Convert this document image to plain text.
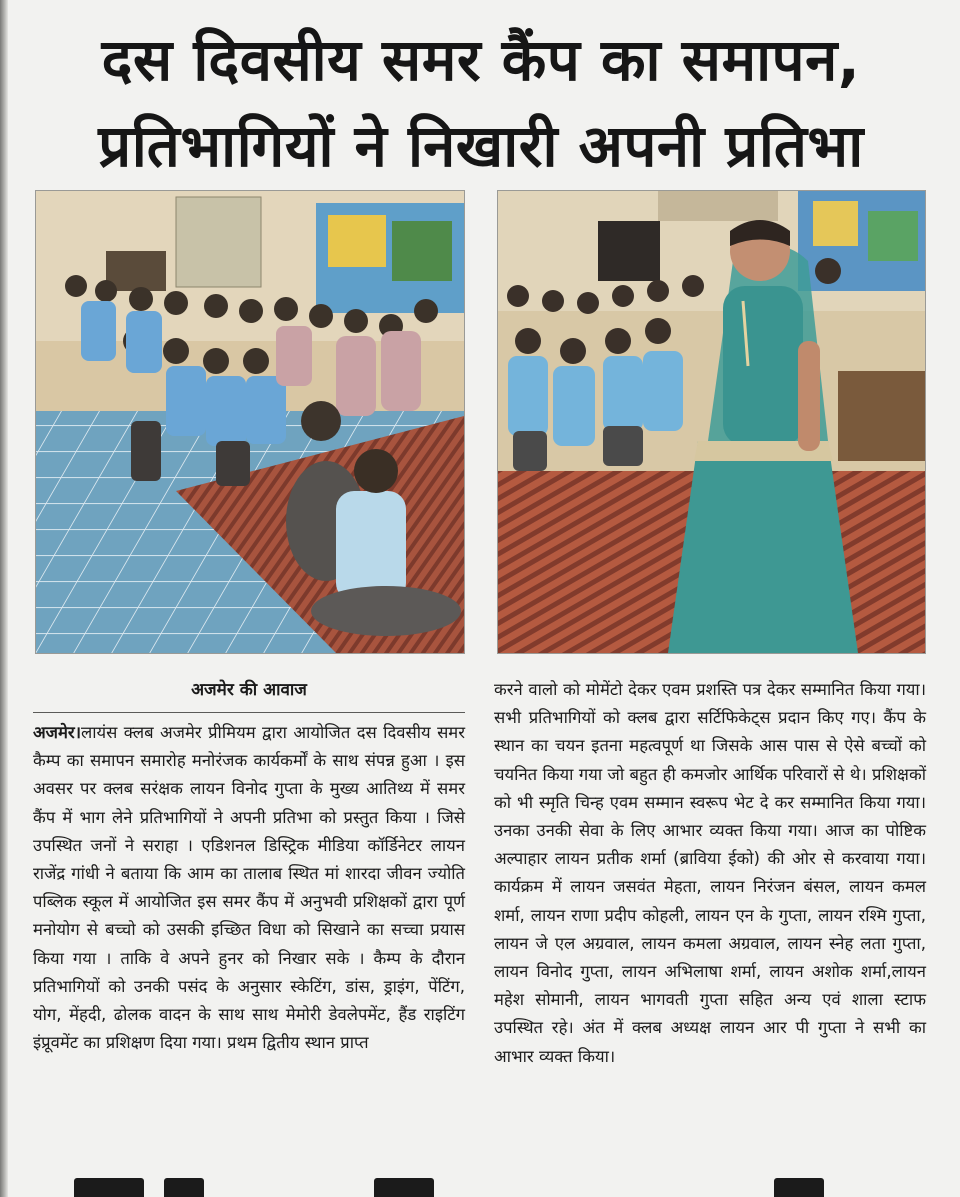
दस दिवसीय समर कैंप का समापन,
प्रतिभागियों ने निखारी अपनी प्रतिभा
अजमेर की आवाज

अजमेर।लायंस क्लब अजमेर प्रीमियम द्वारा आयोजित दस दिवसीय समर कैम्प का समापन समारोह मनोरंजक कार्यकर्मों के साथ संपन्न हुआ । इस अवसर पर क्लब सरंक्षक लायन विनोद गुप्ता के मुख्य आतिथ्य में समर कैंप में भाग लेने प्रतिभागियों ने अपनी प्रतिभा को प्रस्तुत किया । जिसे उपस्थित जनों ने सराहा । एडिशनल डिस्ट्रिक मीडिया कॉर्डिनेटर लायन राजेंद्र गांधी ने बताया कि आम का तालाब स्थित मां शारदा जीवन ज्योति पब्लिक स्कूल में आयोजित इस समर कैंप में अनुभवी प्रशिक्षकों द्वारा पूर्ण मनोयोग से बच्चो को उसकी इच्छित विधा को सिखाने का सच्चा प्रयास किया गया । ताकि वे अपने हुनर को निखार सके । कैम्प के दौरान प्रतिभागियों को उनकी पसंद के अनुसार स्केटिंग, डांस, ड्राइंग, पेंटिंग, योग, मेंहदी, ढोलक वादन के साथ साथ मेमोरी डेवलेपमेंट, हैंड राइटिंग इंप्रूवमेंट का प्रशिक्षण दिया गया। प्रथम द्वितीय स्थान प्राप्त

करने वालो को मोमेंटो देकर एवम प्रशस्ति पत्र देकर सम्मानित किया गया।सभी प्रतिभागियों को क्लब द्वारा सर्टिफिकेट्स प्रदान किए गए। कैंप के स्थान का चयन इतना महत्वपूर्ण था जिसके आस पास से ऐसे बच्चों को चयनित किया गया जो बहुत ही कमजोर आर्थिक परिवारों से थे। प्रशिक्षकों को भी स्मृति चिन्ह एवम सम्मान स्वरूप भेट दे कर सम्मानित किया गया। उनका उनकी सेवा के लिए आभार व्यक्त किया गया। आज का पोष्टिक अल्पाहार लायन प्रतीक शर्मा (ब्राविया ईको) की ओर से करवाया गया। कार्यक्रम में लायन जसवंत मेहता, लायन निरंजन बंसल, लायन कमल शर्मा, लायन राणा प्रदीप कोहली, लायन एन के गुप्ता, लायन रश्मि गुप्ता, लायन जे एल अग्रवाल, लायन कमला अग्रवाल, लायन स्नेह लता गुप्ता, लायन विनोद गुप्ता, लायन अभिलाषा शर्मा, लायन अशोक शर्मा,लायन महेश सोमानी, लायन भागवती गुप्ता सहित अन्य एवं शाला स्टाफ उपस्थित रहे। अंत में क्लब अध्यक्ष लायन आर पी गुप्ता ने सभी का आभार व्यक्त किया।
